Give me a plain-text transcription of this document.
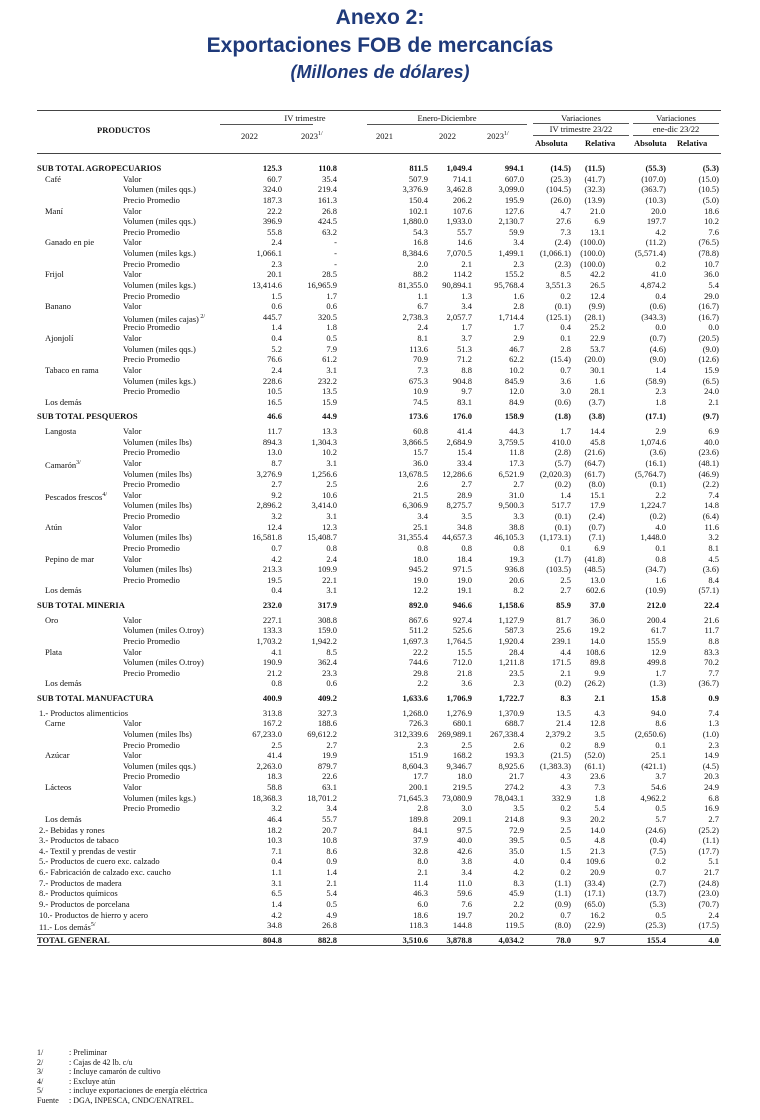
Anexo 2:
Exportaciones FOB de mercancías
(Millones de dólares)
PRODUCTOS
IV trimestre	Enero-Diciembre	Variaciones
IV trimestre 23/22
Variaciones
ene-dic 23/22
2022	$2023^{1/}$	2021	2022	$2023^{1/}$
Absoluta Relativa Absoluta Relativa
SUB TOTAL AGROPECUARIOS	125.3	110.8	811.5 1,049.4	994.1	(14.5) (11.5)	(55.3)	(5.3)
Café	Valor	60.7	35.4	507.9	714.1	607.0	(25.3) (41.7)	(107.0)	(15.0)
Volumen (miles qqs.)	324.0	219.4	3,376.9 3,462.8	3,099.0	(104.5) (32.3)	(363.7)	(10.5)
Precio Promedio	187.3	161.3	150.4	206.2	195.9	(26.0) (13.9)	(10.3)	(5.0)
Maní	Valor	22.2	26.8	102.1	107.6	127.6	4.7 21.0	20.0	18.6
Volumen (miles qqs.)	396.9	424.5	1,880.0 1,933.0	2,130.7	27.6	6.9	197.7	10.2
Precio Promedio	55.8	63.2	54.3	55.7	59.9	7.3 13.1	4.2	7.6
Ganado en pie	Valor	2.4	-	16.8	14.6	3.4	(2.4) (100.0)	(11.2)	(76.5)
Volumen (miles kgs.)	1,066.1	-	8,384.6 7,070.5	1,499.1 (1,066.1) (100.0)	(5,571.4)	(78.8)
Precio Promedio	2.3	-	2.0	2.1	2.3	(2.3) (100.0)	0.2	10.7
Frijol	Valor	20.1	28.5	88.2	114.2	155.2	8.5 42.2	41.0	36.0
Volumen (miles kgs.)	13,414.6	16,965.9	81,355.0 90,894.1	95,768.4	3,551.3 26.5	4,874.2	5.4
Precio Promedio	1.5	1.7	1.1	1.3	1.6	0.2 12.4	0.4	29.0
Banano	Valor	0.6	0.6	6.7	3.4	2.8	(0.1) (9.9)	(0.6)	(16.7)
Volumen (miles cajas) $^{2/}$	445.7	320.5	2,738.3 2,057.7	1,714.4	(125.1) (28.1)	(343.3)	(16.7)
Precio Promedio	1.4	1.8	2.4	1.7	1.7	0.4 25.2	0.0	0.0
Ajonjolí	Valor	0.4	0.5	8.1	3.7	2.9	0.1 22.9	(0.7)	(20.5)
Volumen (miles qqs.)	5.2	7.9	113.6	51.3	46.7	2.8 53.7	(4.6)	(9.0)
Precio Promedio	76.6	61.2	70.9	71.2	62.2	(15.4) (20.0)	(9.0)	(12.6)
Tabaco en rama	Valor	2.4	3.1	7.3	8.8	10.2	0.7 30.1	1.4	15.9
Volumen (miles kgs.)	228.6	232.2	675.3	904.8	845.9	3.6	1.6	(58.9)	(6.5)
Precio Promedio	10.5	13.5	10.9	9.7	12.0	3.0 28.1	2.3	24.0
Los demás	16.5	15.9	74.5	83.1	84.9	(0.6) (3.7)	1.8	2.1
SUB TOTAL PESQUEROS	46.6	44.9	173.6	176.0	158.9	(1.8) (3.8)	(17.1)	(9.7)
Langosta	Valor	11.7	13.3	60.8	41.4	44.3	1.7 14.4	2.9	6.9
Volumen (miles lbs)	894.3	1,304.3	3,866.5 2,684.9	3,759.5	410.0 45.8	1,074.6	40.0
Precio Promedio	13.0	10.2	15.7	15.4	11.8	(2.8) (21.6)	(3.6)	(23.6)
Camarón$^{3/}$	Valor	8.7	3.1	36.0	33.4	17.3	(5.7) (64.7)	(16.1)	(48.1)
Volumen (miles lbs)	3,276.9	1,256.6	13,678.5 12,286.6	6,521.9 (2,020.3) (61.7)	(5,764.7)	(46.9)
Precio Promedio	2.7	2.5	2.6	2.7	2.7	(0.2) (8.0)	(0.1)	(2.2)
Pescados frescos$^{4/}$ Valor	9.2	10.6	21.5	28.9	31.0	1.4 15.1	2.2	7.4
Volumen (miles lbs)	2,896.2	3,414.0	6,306.9 8,275.7	9,500.3	517.7 17.9	1,224.7	14.8
Precio Promedio	3.2	3.1	3.4	3.5	3.3	(0.1) (2.4)	(0.2)	(6.4)
Atún	Valor	12.4	12.3	25.1	34.8	38.8	(0.1) (0.7)	4.0	11.6
Volumen (miles lbs)	16,581.8	15,408.7	31,355.4 44,657.3	46,105.3 (1,173.1) (7.1)	1,448.0	3.2
Precio Promedio	0.7	0.8	0.8	0.8	0.8	0.1	6.9	0.1	8.1
Pepino de mar	Valor	4.2	2.4	18.0	18.4	19.3	(1.7) (41.8)	0.8	4.5
Volumen (miles lbs)	213.3	109.9	945.2	971.5	936.8	(103.5) (48.5)	(34.7)	(3.6)
Precio Promedio	19.5	22.1	19.0	19.0	20.6	2.5 13.0	1.6	8.4
Los demás	0.4	3.1	12.2	19.1	8.2	2.7 602.6	(10.9)	(57.1)
SUB TOTAL MINERIA	232.0	317.9	892.0	946.6	1,158.6	85.9 37.0	212.0	22.4
Oro	Valor	227.1	308.8	867.6	927.4	1,127.9	81.7 36.0	200.4	21.6
Volumen (miles O.troy)	133.3	159.0	511.2	525.6	587.3	25.6 19.2	61.7	11.7
Precio Promedio	1,703.2	1,942.2	1,697.3 1,764.5	1,920.4	239.1 14.0	155.9	8.8
Plata	Valor	4.1	8.5	22.2	15.5	28.4	4.4 108.6	12.9	83.3
Volumen (miles O.troy)	190.9	362.4	744.6	712.0	1,211.8	171.5 89.8	499.8	70.2
Precio Promedio	21.2	23.3	29.8	21.8	23.5	2.1	9.9	1.7	7.7
Los demás	0.8	0.6	2.2	3.6	2.3	(0.2) (26.2)	(1.3)	(36.7)
SUB TOTAL MANUFACTURA	400.9	409.2	1,633.6 1,706.9	1,722.7	8.3	2.1	15.8	0.9
1.- Productos alimenticios	313.8	327.3	1,268.0 1,276.9	1,370.9	13.5	4.3	94.0	7.4
Carne	Valor	167.2	188.6	726.3	680.1	688.7	21.4 12.8	8.6	1.3
Volumen (miles lbs)	67,233.0	69,612.2	312,339.6 269,989.1 267,338.4	2,379.2	3.5	(2,650.6)	(1.0)
Precio Promedio	2.5	2.7	2.3	2.5	2.6	0.2	8.9	0.1	2.3
Azúcar	Valor	41.4	19.9	151.9	168.2	193.3	(21.5) (52.0)	25.1	14.9
Volumen (miles qqs.)	2,263.0	879.7	8,604.3 9,346.7	8,925.6 (1,383.3) (61.1)	(421.1)	(4.5)
Precio Promedio	18.3	22.6	17.7	18.0	21.7	4.3 23.6	3.7	20.3
Lácteos	Valor	58.8	63.1	200.1	219.5	274.2	4.3	7.3	54.6	24.9
Volumen (miles kgs.)	18,368.3	18,701.2	71,645.3 73,080.9	78,043.1	332.9	1.8	4,962.2	6.8
Precio Promedio	3.2	3.4	2.8	3.0	3.5	0.2	5.4	0.5	16.9
Los demás	46.4	55.7	189.8	209.1	214.8	9.3 20.2	5.7	2.7
2.- Bebidas y rones	18.2	20.7	84.1	97.5	72.9	2.5 14.0	(24.6)	(25.2)
3.- Productos de tabaco	10.3	10.8	37.9	40.0	39.5	0.5	4.8	(0.4)	(1.1)
4.- Textil y prendas de vestir	7.1	8.6	32.8	42.6	35.0	1.5 21.3	(7.5)	(17.7)
5.- Productos de cuero exc. calzado	0.4	0.9	8.0	3.8	4.0	0.4 109.6	0.2	5.1
6.- Fabricación de calzado exc. caucho	1.1	1.4	2.1	3.4	4.2	0.2 20.9	0.7	21.7
7.- Productos de madera	3.1	2.1	11.4	11.0	8.3	(1.1) (33.4)	(2.7)	(24.8)
8.- Productos químicos	6.5	5.4	46.3	59.6	45.9	(1.1) (17.1)	(13.7)	(23.0)
9.- Productos de porcelana	1.4	0.5	6.0	7.6	2.2	(0.9) (65.0)	(5.3)	(70.7)
10.- Productos de hierro y acero	4.2	4.9	18.6	19.7	20.2	0.7 16.2	0.5	2.4
11.- Los demás$^{5/}$	34.8	26.8	118.3	144.8	119.5	(8.0) (22.9)	(25.3)	(17.5)
TOTAL GENERAL	804.8	882.8	3,510.6 3,878.8	4,034.2	78.0	9.7	155.4	4.0
1/	: Preliminar
2/	: Cajas de 42 lb. c/u
3/	: Incluye camarón de cultivo
4/	: Excluye atún
5/	: incluye exportaciones de energía eléctrica
Fuente : DGA, INPESCA, CNDC/ENATREL.
